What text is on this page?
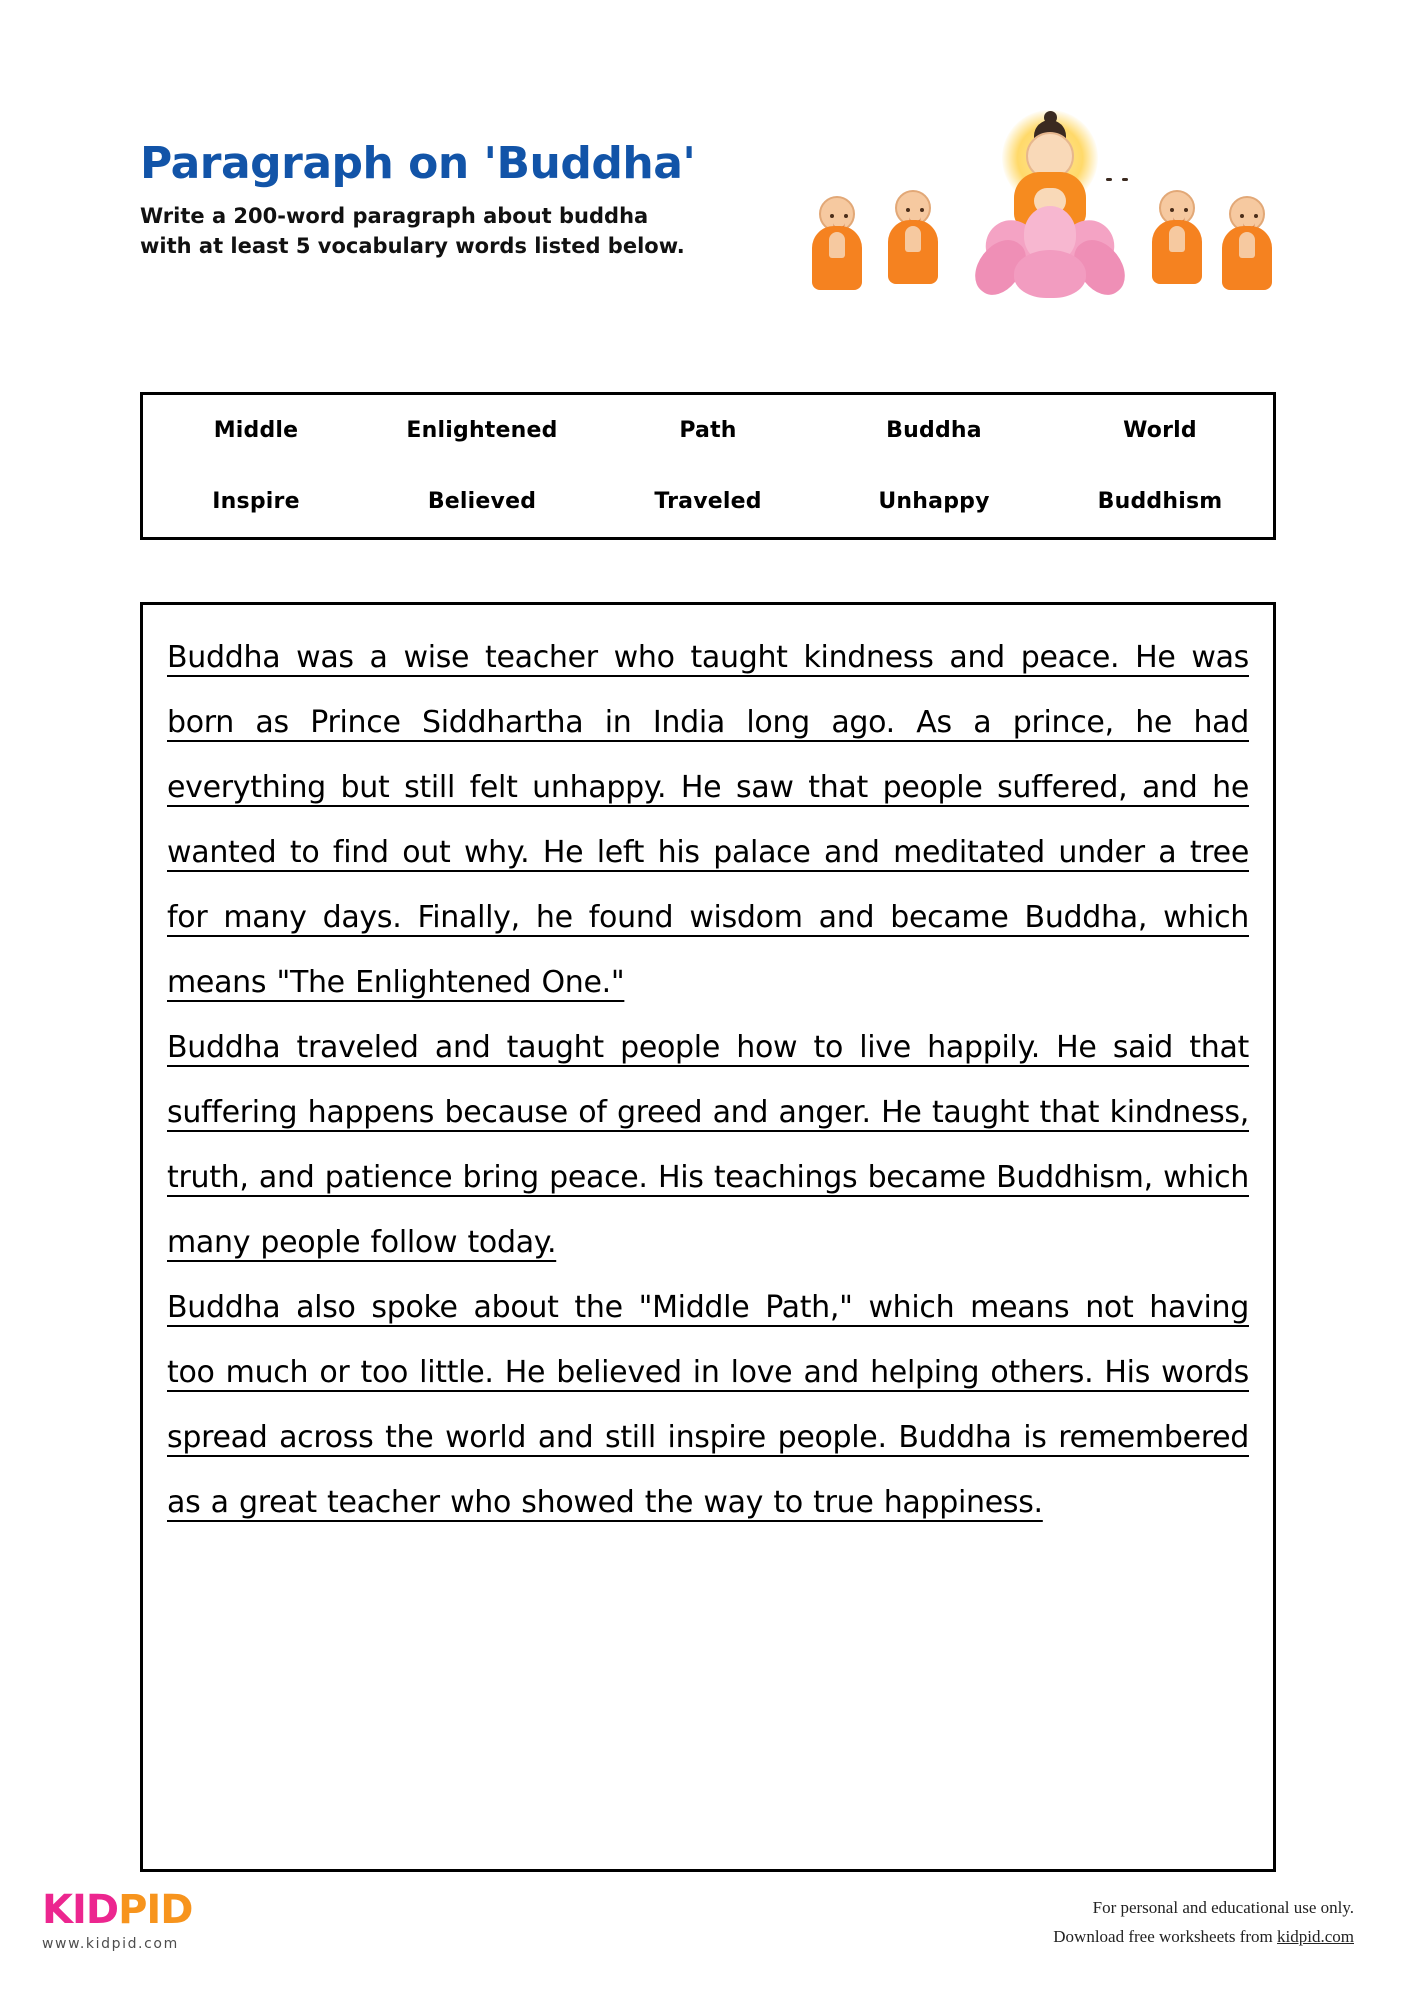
Paragraph on 'Buddha'

Write a 200-word paragraph about buddha
with at least 5 vocabulary words listed below.

Middle	Enlightened	Path	Buddha	World
Inspire	Believed	Traveled	Unhappy	Buddhism

Buddha was a wise teacher who taught kindness and peace. He was born as Prince Siddhartha in India long ago. As a prince, he had everything but still felt unhappy. He saw that people suffered, and he wanted to find out why. He left his palace and meditated under a tree for many days. Finally, he found wisdom and became Buddha, which means "The Enlightened One."

Buddha traveled and taught people how to live happily. He said that suffering happens because of greed and anger. He taught that kindness, truth, and patience bring peace. His teachings became Buddhism, which many people follow today.

Buddha also spoke about the "Middle Path," which means not having too much or too little. He believed in love and helping others. His words spread across the world and still inspire people. Buddha is remembered as a great teacher who showed the way to true happiness.

KIDPID
www.kidpid.com
For personal and educational use only.
Download free worksheets from kidpid.com
